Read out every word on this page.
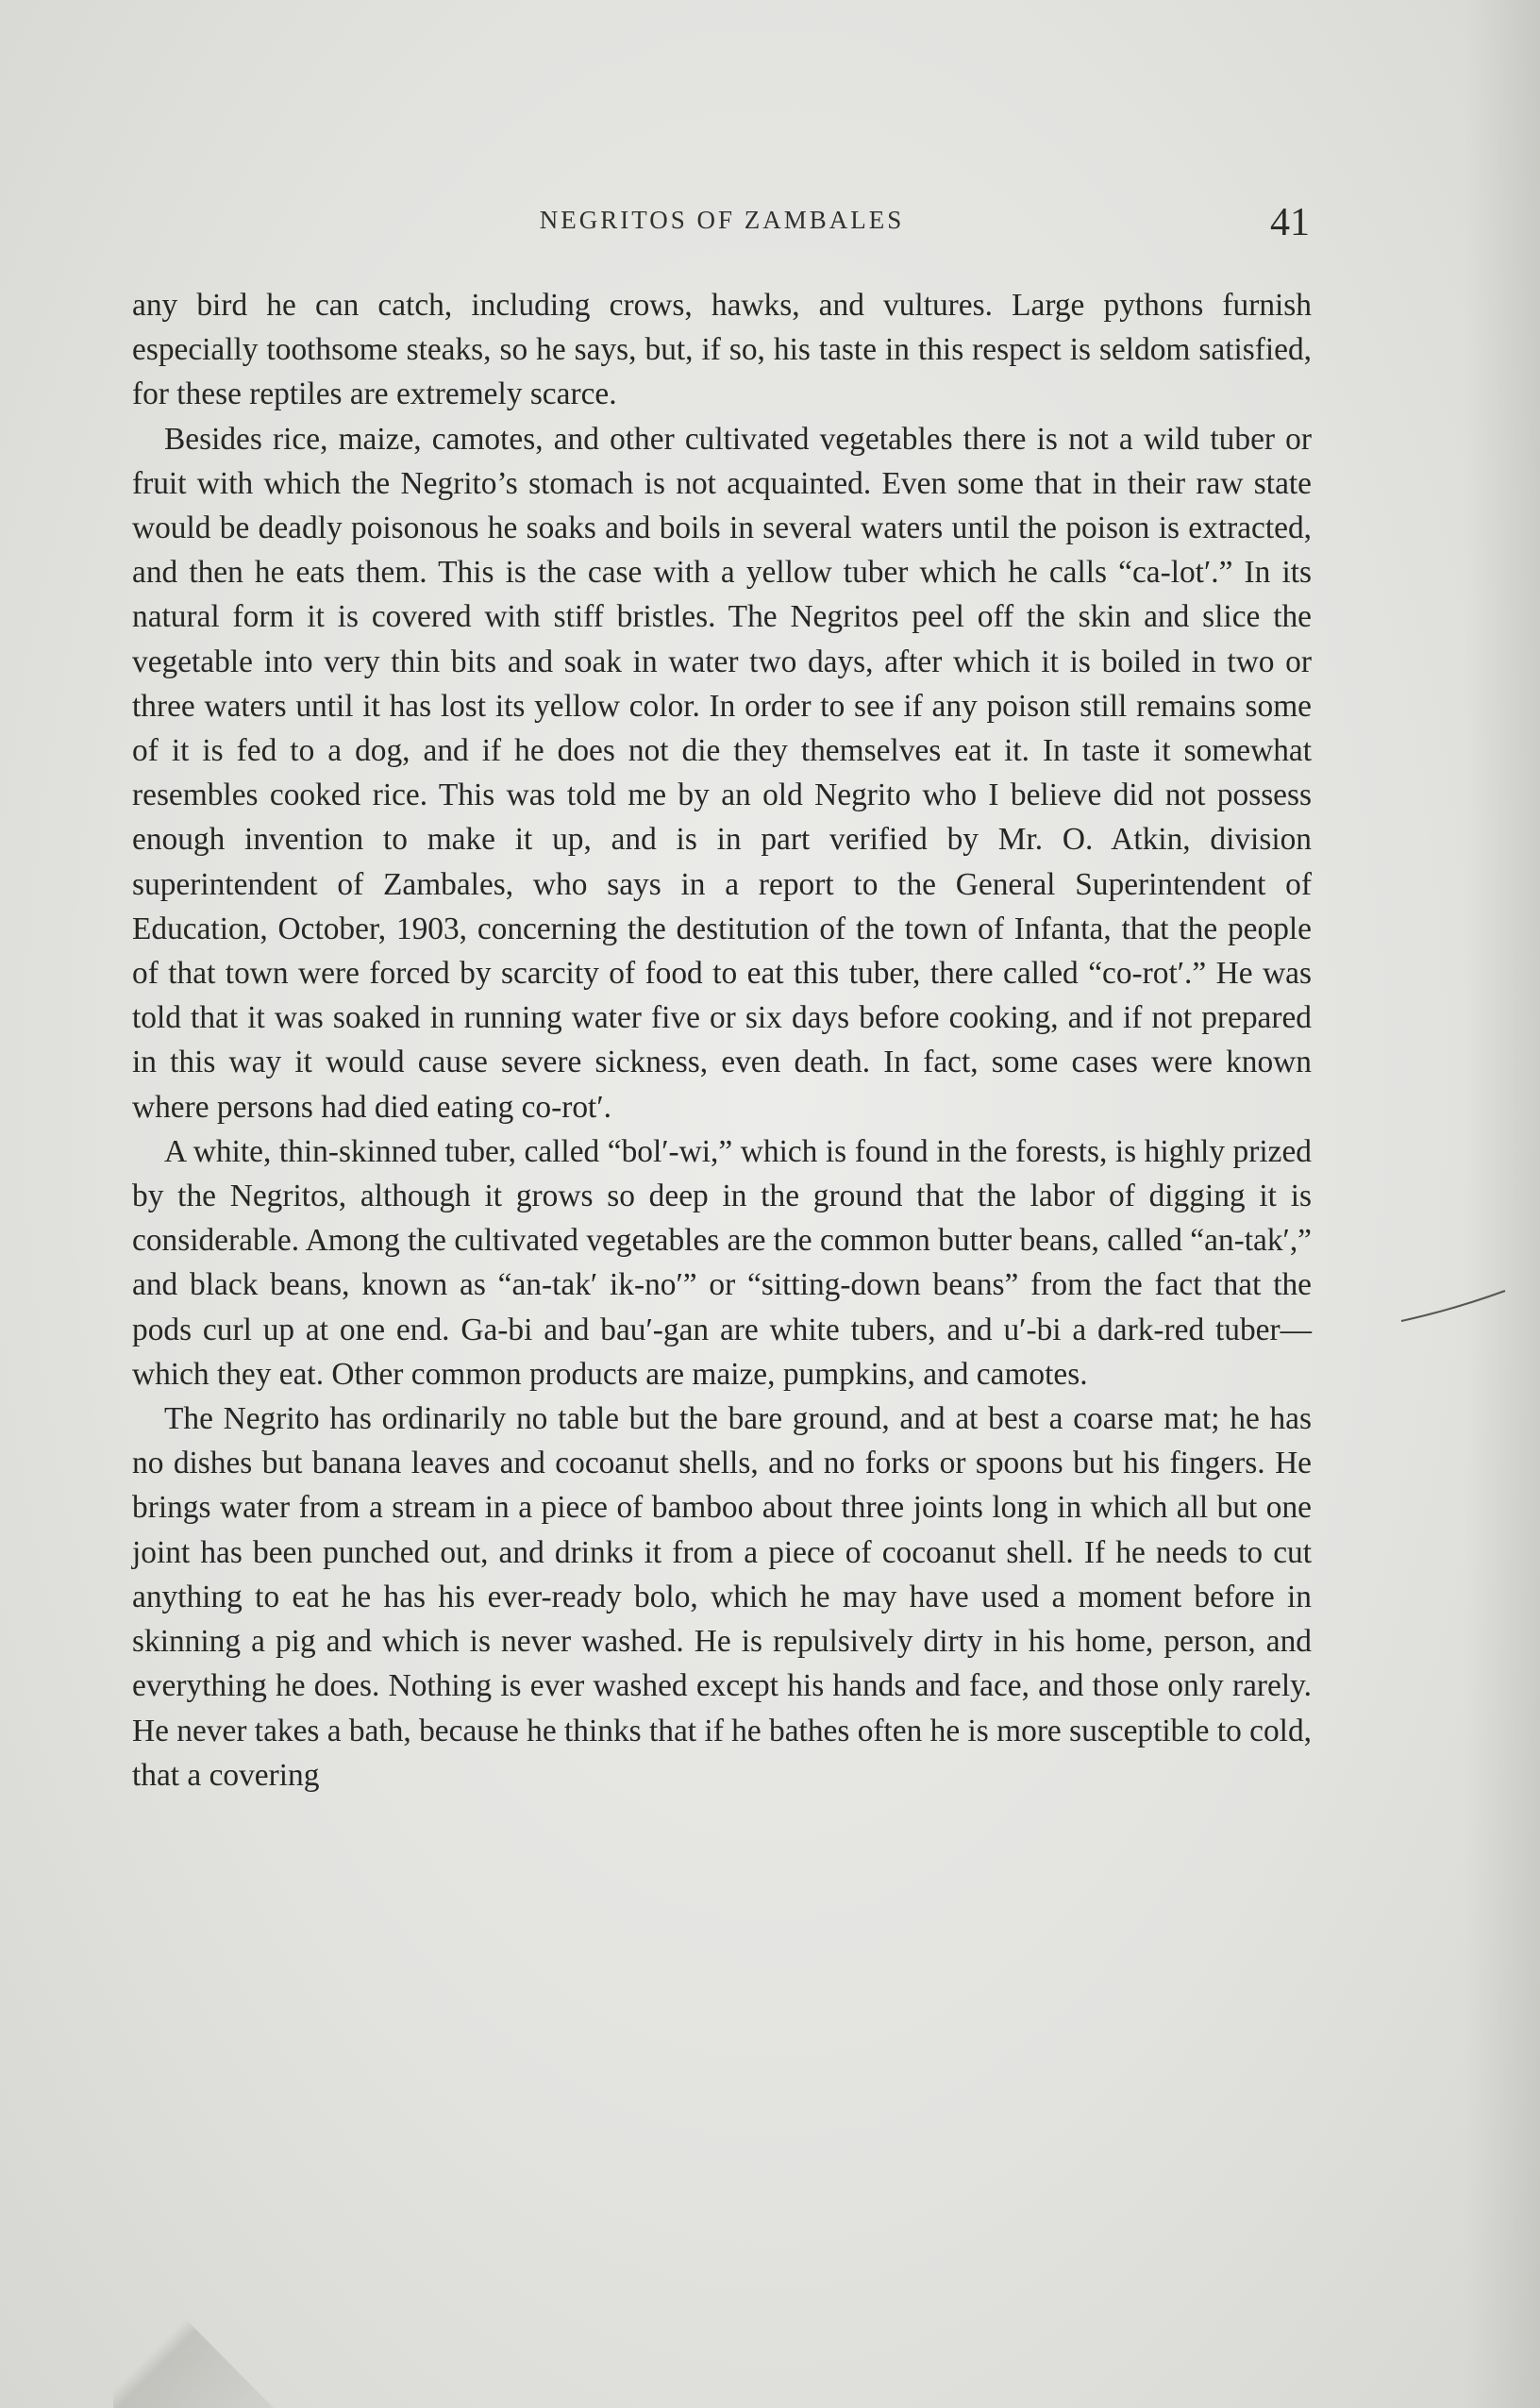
NEGRITOS OF ZAMBALES	41

any bird he can catch, including crows, hawks, and vultures. Large pythons furnish especially toothsome steaks, so he says, but, if so, his taste in this respect is seldom satisfied, for these reptiles are extremely scarce.

Besides rice, maize, camotes, and other cultivated vegetables there is not a wild tuber or fruit with which the Negrito’s stomach is not acquainted. Even some that in their raw state would be deadly poisonous he soaks and boils in several waters until the poison is extracted, and then he eats them. This is the case with a yellow tuber which he calls “ca-lot′.” In its natural form it is covered with stiff bristles. The Negritos peel off the skin and slice the vegetable into very thin bits and soak in water two days, after which it is boiled in two or three waters until it has lost its yellow color. In order to see if any poison still remains some of it is fed to a dog, and if he does not die they themselves eat it. In taste it somewhat resembles cooked rice. This was told me by an old Negrito who I believe did not possess enough invention to make it up, and is in part verified by Mr. O. Atkin, division superintendent of Zambales, who says in a report to the General Superintendent of Education, October, 1903, concerning the destitution of the town of Infanta, that the people of that town were forced by scarcity of food to eat this tuber, there called “co-rot′.” He was told that it was soaked in running water five or six days before cooking, and if not prepared in this way it would cause severe sickness, even death. In fact, some cases were known where persons had died eating co-rot′.

A white, thin-skinned tuber, called “bol′-wi,” which is found in the forests, is highly prized by the Negritos, although it grows so deep in the ground that the labor of digging it is considerable. Among the cultivated vegetables are the common butter beans, called “an-tak′,” and black beans, known as “an-tak′ ik-no′” or “sitting-down beans” from the fact that the pods curl up at one end. Ga-bi and bau′-gan are white tubers, and u′-bi a dark-red tuber—which they eat. Other common products are maize, pumpkins, and camotes.

The Negrito has ordinarily no table but the bare ground, and at best a coarse mat; he has no dishes but banana leaves and cocoanut shells, and no forks or spoons but his fingers. He brings water from a stream in a piece of bamboo about three joints long in which all but one joint has been punched out, and drinks it from a piece of cocoanut shell. If he needs to cut anything to eat he has his ever-ready bolo, which he may have used a moment before in skinning a pig and which is never washed. He is repulsively dirty in his home, person, and everything he does. Nothing is ever washed except his hands and face, and those only rarely. He never takes a bath, because he thinks that if he bathes often he is more susceptible to cold, that a covering
